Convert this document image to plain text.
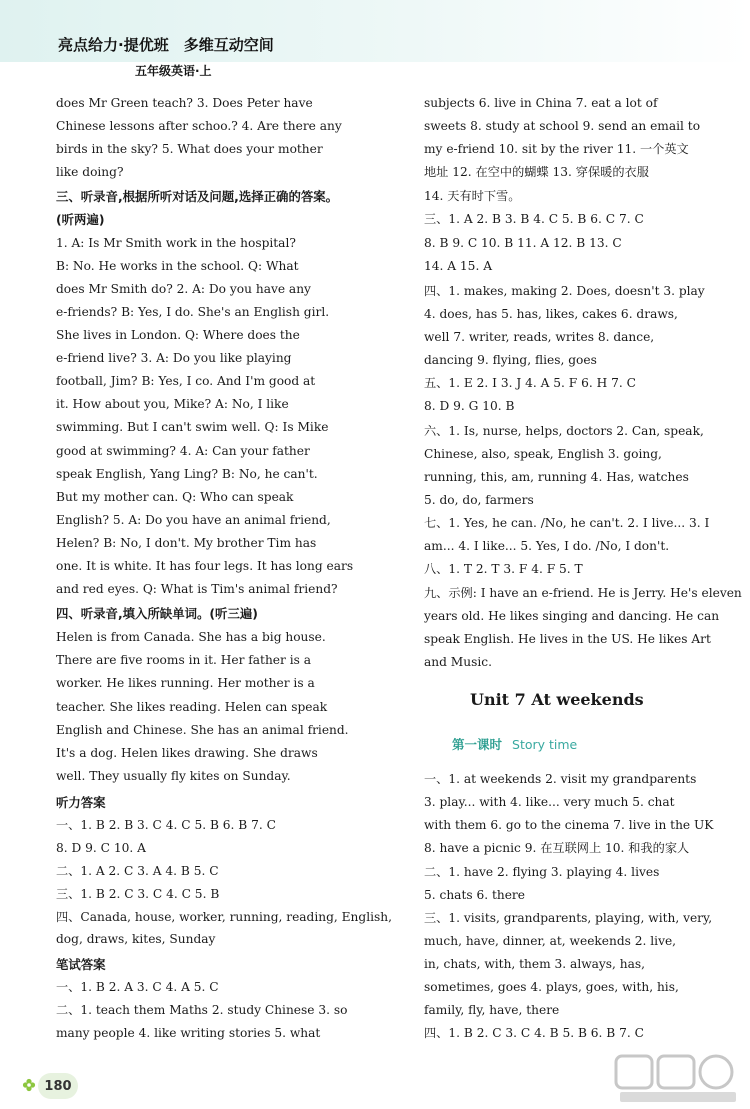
亮点给力·提优班　多维互动空间
五年级英语·上
does Mr Green teach? 3. Does Peter have
Chinese lessons after schoo.? 4. Are there any
birds in the sky? 5. What does your mother
like doing?
三、听录音,根据所听对话及问题,选择正确的答案。
(听两遍)
1. A: Is Mr Smith work in the hospital?
B: No. He works in the school. Q: What
does Mr Smith do? 2. A: Do you have any
e-friends? B: Yes, I do. She's an English girl.
She lives in London. Q: Where does the
e-friend live? 3. A: Do you like playing
football, Jim? B: Yes, I co. And I'm good at
it. How about you, Mike? A: No, I like
swimming. But I can't swim well. Q: Is Mike
good at swimming? 4. A: Can your father
speak English, Yang Ling? B: No, he can't.
But my mother can. Q: Who can speak
English? 5. A: Do you have an animal friend,
Helen? B: No, I don't. My brother Tim has
one. It is white. It has four legs. It has long ears
and red eyes. Q: What is Tim's animal friend?
四、听录音,填入所缺单词。(听三遍)
Helen is from Canada. She has a big house.
There are five rooms in it. Her father is a
worker. He likes running. Her mother is a
teacher. She likes reading. Helen can speak
English and Chinese. She has an animal friend.
It's a dog. Helen likes drawing. She draws
well. They usually fly kites on Sunday.
听力答案
一、1. B 2. B 3. C 4. C 5. B 6. B 7. C
8. D 9. C 10. A
二、1. A 2. C 3. A 4. B 5. C
三、1. B 2. C 3. C 4. C 5. B
四、Canada, house, worker, running, reading, English,
dog, draws, kites, Sunday
笔试答案
一、1. B 2. A 3. C 4. A 5. C
二、1. teach them Maths 2. study Chinese 3. so
many people 4. like writing stories 5. what
subjects 6. live in China 7. eat a lot of
sweets 8. study at school 9. send an email to
my e-friend 10. sit by the river 11. 一个英文
地址 12. 在空中的蝴蝶 13. 穿保暖的衣服
14. 天有时下雪。
三、1. A 2. B 3. B 4. C 5. B 6. C 7. C
8. B 9. C 10. B 11. A 12. B 13. C
14. A 15. A
四、1. makes, making 2. Does, doesn't 3. play
4. does, has 5. has, likes, cakes 6. draws,
well 7. writer, reads, writes 8. dance,
dancing 9. flying, flies, goes
五、1. E 2. I 3. J 4. A 5. F 6. H 7. C
8. D 9. G 10. B
六、1. Is, nurse, helps, doctors 2. Can, speak,
Chinese, also, speak, English 3. going,
running, this, am, running 4. Has, watches
5. do, do, farmers
七、1. Yes, he can. /No, he can't. 2. I live... 3. I
am... 4. I like... 5. Yes, I do. /No, I don't.
八、1. T 2. T 3. F 4. F 5. T
九、示例: I have an e-friend. He is Jerry. He's eleven
years old. He likes singing and dancing. He can
speak English. He lives in the US. He likes Art
and Music.
一、1. at weekends 2. visit my grandparents
3. play... with 4. like... very much 5. chat
with them 6. go to the cinema 7. live in the UK
8. have a picnic 9. 在互联网上 10. 和我的家人
二、1. have 2. flying 3. playing 4. lives
5. chats 6. there
三、1. visits, grandparents, playing, with, very,
much, have, dinner, at, weekends 2. live,
in, chats, with, them 3. always, has,
sometimes, goes 4. plays, goes, with, his,
family, fly, have, there
四、1. B 2. C 3. C 4. B 5. B 6. B 7. C
Unit 7 At weekends
第一课时 Story time
180
